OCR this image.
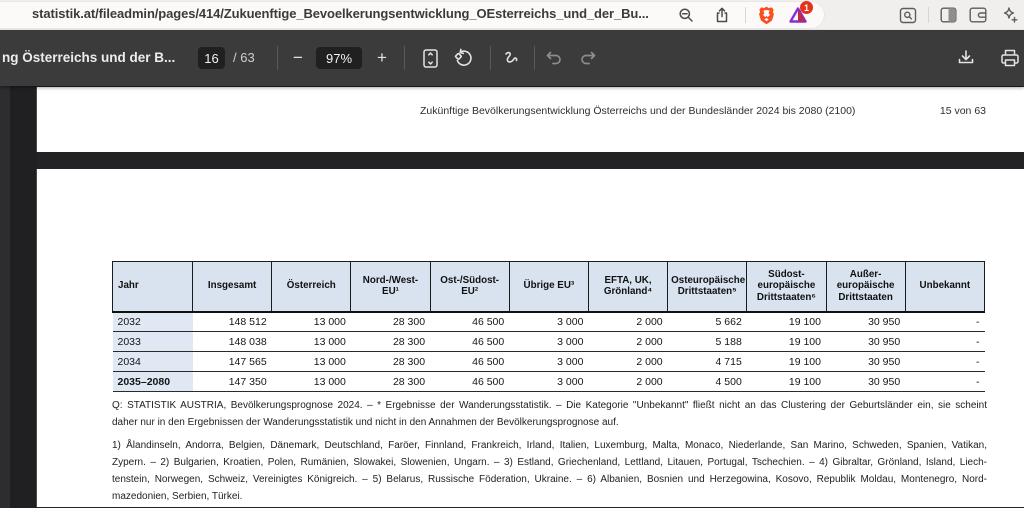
statistik.at/fileadmin/pages/414/Zukuenftige_Bevoelkerungsentwicklung_OEsterreichs_und_der_Bu...	1
ng Österreichs und der B...	16	/ 63	−	97%	+
Zukünftige Bevölkerungsentwicklung Österreichs und der Bundesländer 2024 bis 2080 (2100)	15 von 63
Jahr	Insgesamt	Österreich	Nord-/West-EU¹	Ost-/Südost-EU²	Übrige EU³	EFTA, UK, Grönland⁴	Osteuropäische Drittstaaten⁵	Südost-europäische Drittstaaten⁶	Außer-europäische Drittstaaten	Unbekannt
2032	148 512	13 000	28 300	46 500	3 000	2 000	5 662	19 100	30 950	-
2033	148 038	13 000	28 300	46 500	3 000	2 000	5 188	19 100	30 950	-
2034	147 565	13 000	28 300	46 500	3 000	2 000	4 715	19 100	30 950	-
2035–2080	147 350	13 000	28 300	46 500	3 000	2 000	4 500	19 100	30 950	-
Q: STATISTIK AUSTRIA, Bevölkerungsprognose 2024. – * Ergebnisse der Wanderungsstatistik. – Die Kategorie "Unbekannt" fließt nicht an das Clustering der Geburtsländer ein, sie scheint
daher nur in den Ergebnissen der Wanderungsstatistik und nicht in den Annahmen der Bevölkerungsprognose auf.
1) Ålandinseln, Andorra, Belgien, Dänemark, Deutschland, Faröer, Finnland, Frankreich, Irland, Italien, Luxemburg, Malta, Monaco, Niederlande, San Marino, Schweden, Spanien, Vatikan,
Zypern. – 2) Bulgarien, Kroatien, Polen, Rumänien, Slowakei, Slowenien, Ungarn. – 3) Estland, Griechenland, Lettland, Litauen, Portugal, Tschechien. – 4) Gibraltar, Grönland, Island, Liech-
tenstein, Norwegen, Schweiz, Vereinigtes Königreich. – 5) Belarus, Russische Föderation, Ukraine. – 6) Albanien, Bosnien und Herzegowina, Kosovo, Republik Moldau, Montenegro, Nord-
mazedonien, Serbien, Türkei.
